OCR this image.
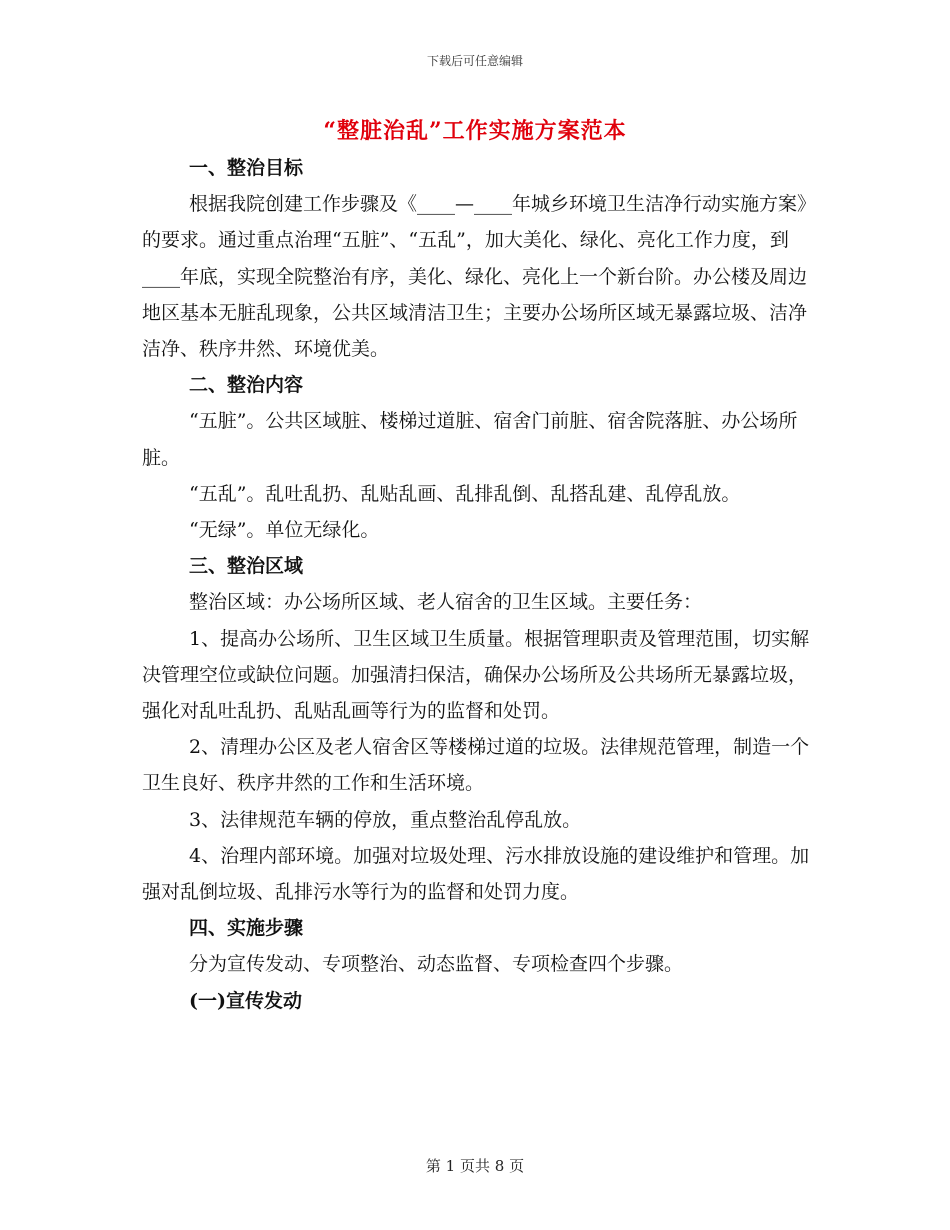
下载后可任意编辑
“整脏治乱”工作实施方案范本

一、整治目标

根据我院创建工作步骤及《____—____年城乡环境卫生洁净行动实施方案》的要求。通过重点治理“五脏”、“五乱”，加大美化、绿化、亮化工作力度，到____年底，实现全院整治有序，美化、绿化、亮化上一个新台阶。办公楼及周边地区基本无脏乱现象，公共区域清洁卫生；主要办公场所区域无暴露垃圾、洁净洁净、秩序井然、环境优美。

二、整治内容

“五脏”。公共区域脏、楼梯过道脏、宿舍门前脏、宿舍院落脏、办公场所脏。

“五乱”。乱吐乱扔、乱贴乱画、乱排乱倒、乱搭乱建、乱停乱放。

“无绿”。单位无绿化。

三、整治区域

整治区域：办公场所区域、老人宿舍的卫生区域。主要任务：

1、提高办公场所、卫生区域卫生质量。根据管理职责及管理范围，切实解决管理空位或缺位问题。加强清扫保洁，确保办公场所及公共场所无暴露垃圾，强化对乱吐乱扔、乱贴乱画等行为的监督和处罚。

2、清理办公区及老人宿舍区等楼梯过道的垃圾。法律规范管理，制造一个卫生良好、秩序井然的工作和生活环境。

3、法律规范车辆的停放，重点整治乱停乱放。

4、治理内部环境。加强对垃圾处理、污水排放设施的建设维护和管理。加强对乱倒垃圾、乱排污水等行为的监督和处罚力度。

四、实施步骤

分为宣传发动、专项整治、动态监督、专项检查四个步骤。

(一)宣传发动

第 1 页共 8 页
